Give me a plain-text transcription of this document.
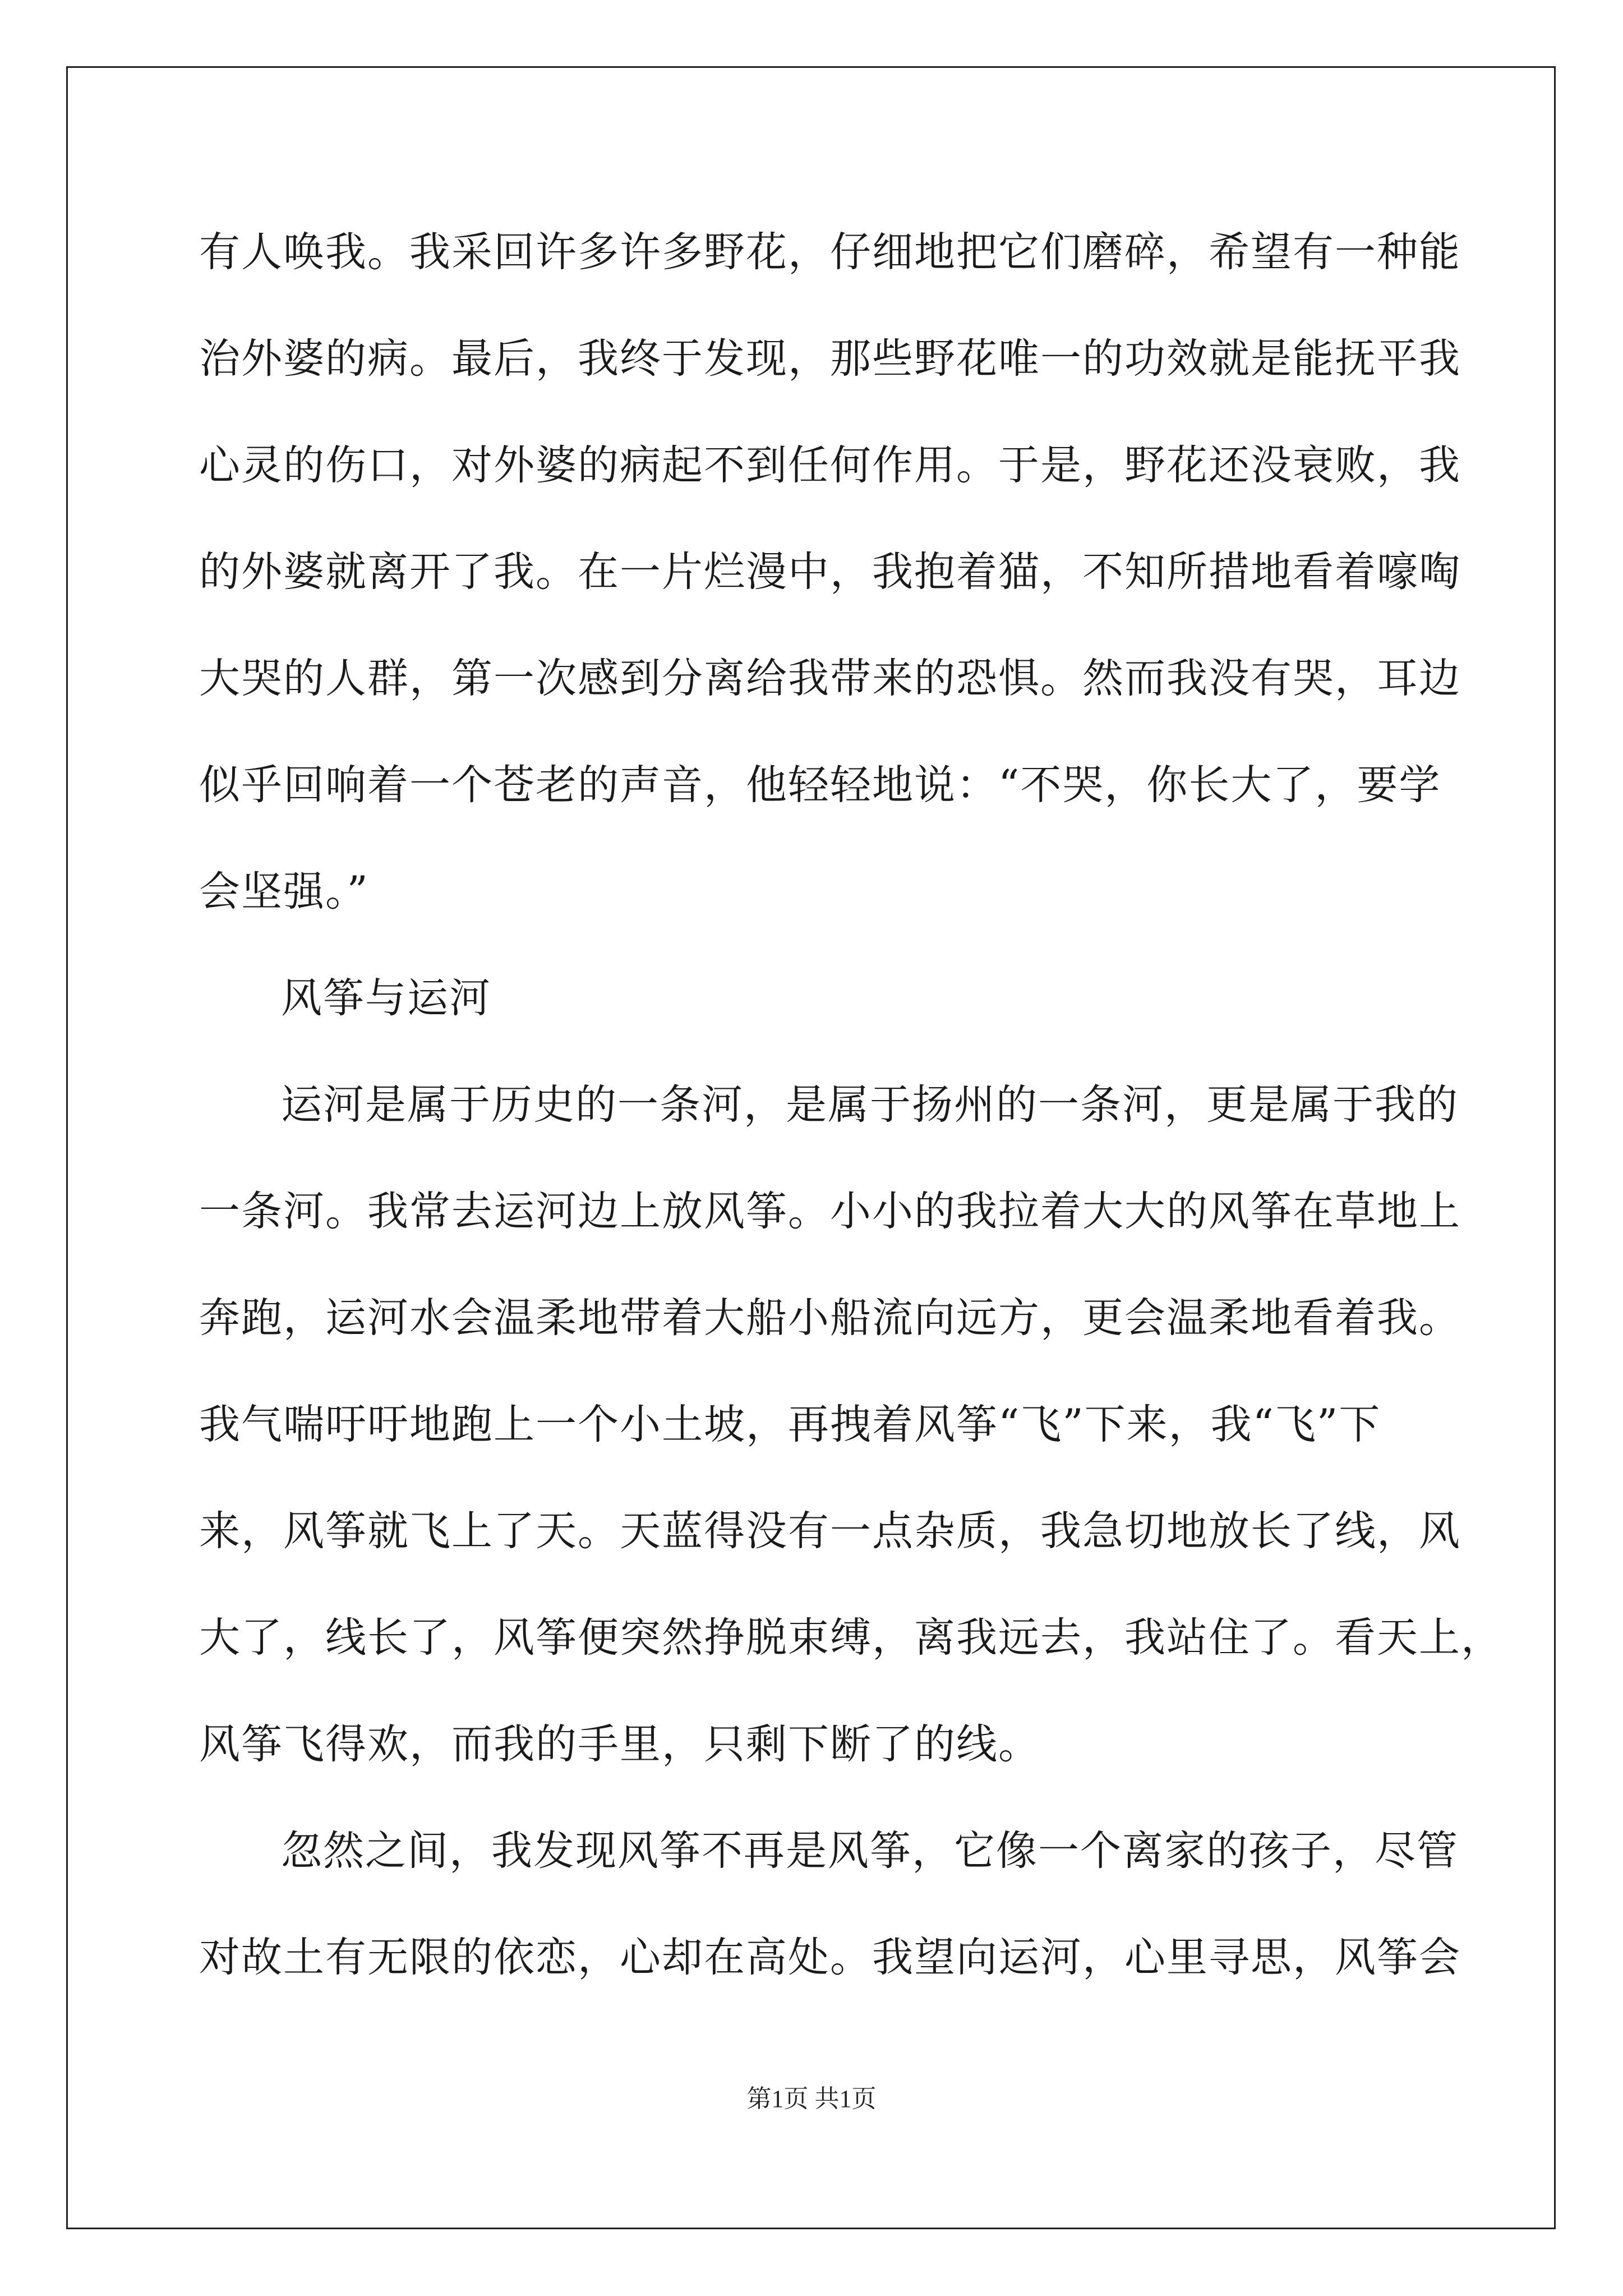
有人唤我。我采回许多许多野花，仔细地把它们磨碎，希望有一种能
治外婆的病。最后，我终于发现，那些野花唯一的功效就是能抚平我
心灵的伤口，对外婆的病起不到任何作用。于是，野花还没衰败，我
的外婆就离开了我。在一片烂漫中，我抱着猫，不知所措地看着嚎啕
大哭的人群，第一次感到分离给我带来的恐惧。然而我没有哭，耳边
似乎回响着一个苍老的声音，他轻轻地说：“不哭，你长大了，要学
会坚强。”
风筝与运河
运河是属于历史的一条河，是属于扬州的一条河，更是属于我的
一条河。我常去运河边上放风筝。小小的我拉着大大的风筝在草地上
奔跑，运河水会温柔地带着大船小船流向远方，更会温柔地看着我。
我气喘吁吁地跑上一个小土坡，再拽着风筝“飞”下来，我“飞”下
来，风筝就飞上了天。天蓝得没有一点杂质，我急切地放长了线，风
大了，线长了，风筝便突然挣脱束缚，离我远去，我站住了。看天上，
风筝飞得欢，而我的手里，只剩下断了的线。
忽然之间，我发现风筝不再是风筝，它像一个离家的孩子，尽管
对故土有无限的依恋，心却在高处。我望向运河，心里寻思，风筝会
第1页 共1页
